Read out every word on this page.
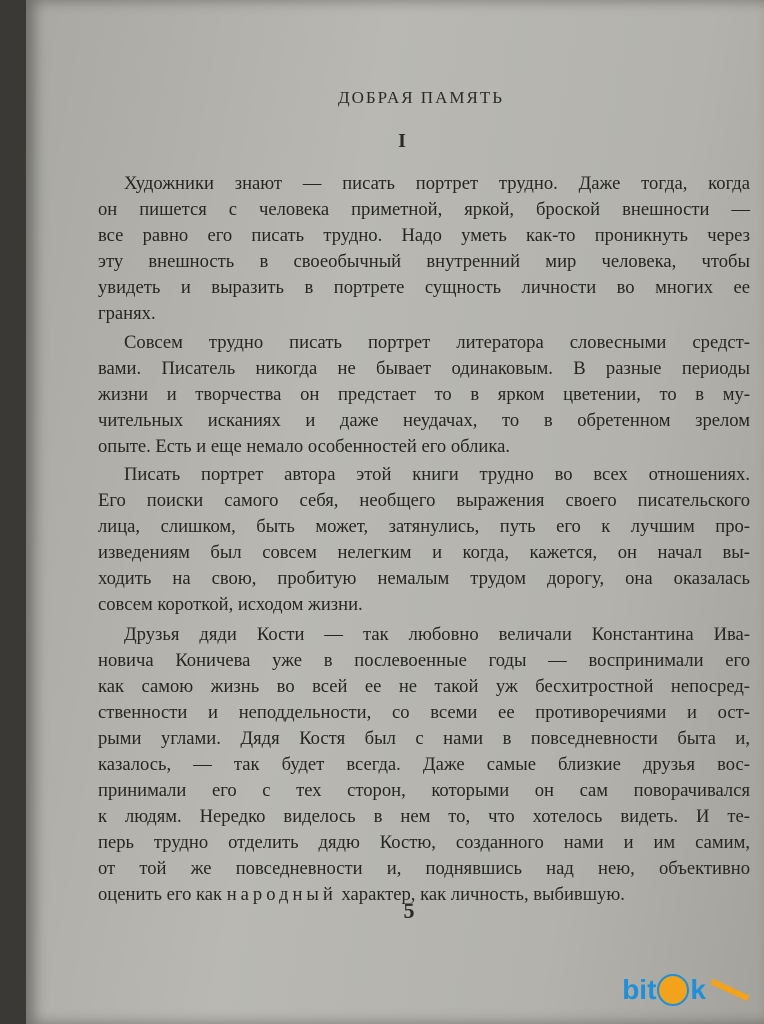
ДОБРАЯ ПАМЯТЬ
I
Художники знают — писать портрет трудно. Даже тогда, когда
он пишется с человека приметной, яркой, броской внешности —
все равно его писать трудно. Надо уметь как-то проникнуть через
эту внешность в своеобычный внутренний мир человека, чтобы
увидеть и выразить в портрете сущность личности во многих ее
гранях.
Совсем трудно писать портрет литератора словесными средст-
вами. Писатель никогда не бывает одинаковым. В разные периоды
жизни и творчества он предстает то в ярком цветении, то в му-
чительных исканиях и даже неудачах, то в обретенном зрелом
опыте. Есть и еще немало особенностей его облика.
Писать портрет автора этой книги трудно во всех отношениях.
Его поиски самого себя, необщего выражения своего писательского
лица, слишком, быть может, затянулись, путь его к лучшим про-
изведениям был совсем нелегким и когда, кажется, он начал вы-
ходить на свою, пробитую немалым трудом дорогу, она оказалась
совсем короткой, исходом жизни.
Друзья дяди Кости — так любовно величали Константина Ива-
новича Коничева уже в послевоенные годы — воспринимали его
как самою жизнь во всей ее не такой уж бесхитростной непосред-
ственности и неподдельности, со всеми ее противоречиями и ост-
рыми углами. Дядя Костя был с нами в повседневности быта и,
казалось, — так будет всегда. Даже самые близкие друзья вос-
принимали его с тех сторон, которыми он сам поворачивался
к людям. Нередко виделось в нем то, что хотелось видеть. И те-
перь трудно отделить дядю Костю, созданного нами и им самим,
от той же повседневности и, поднявшись над нею, объективно
оценить его как народный характер, как личность, выбившую.
5
bit k
